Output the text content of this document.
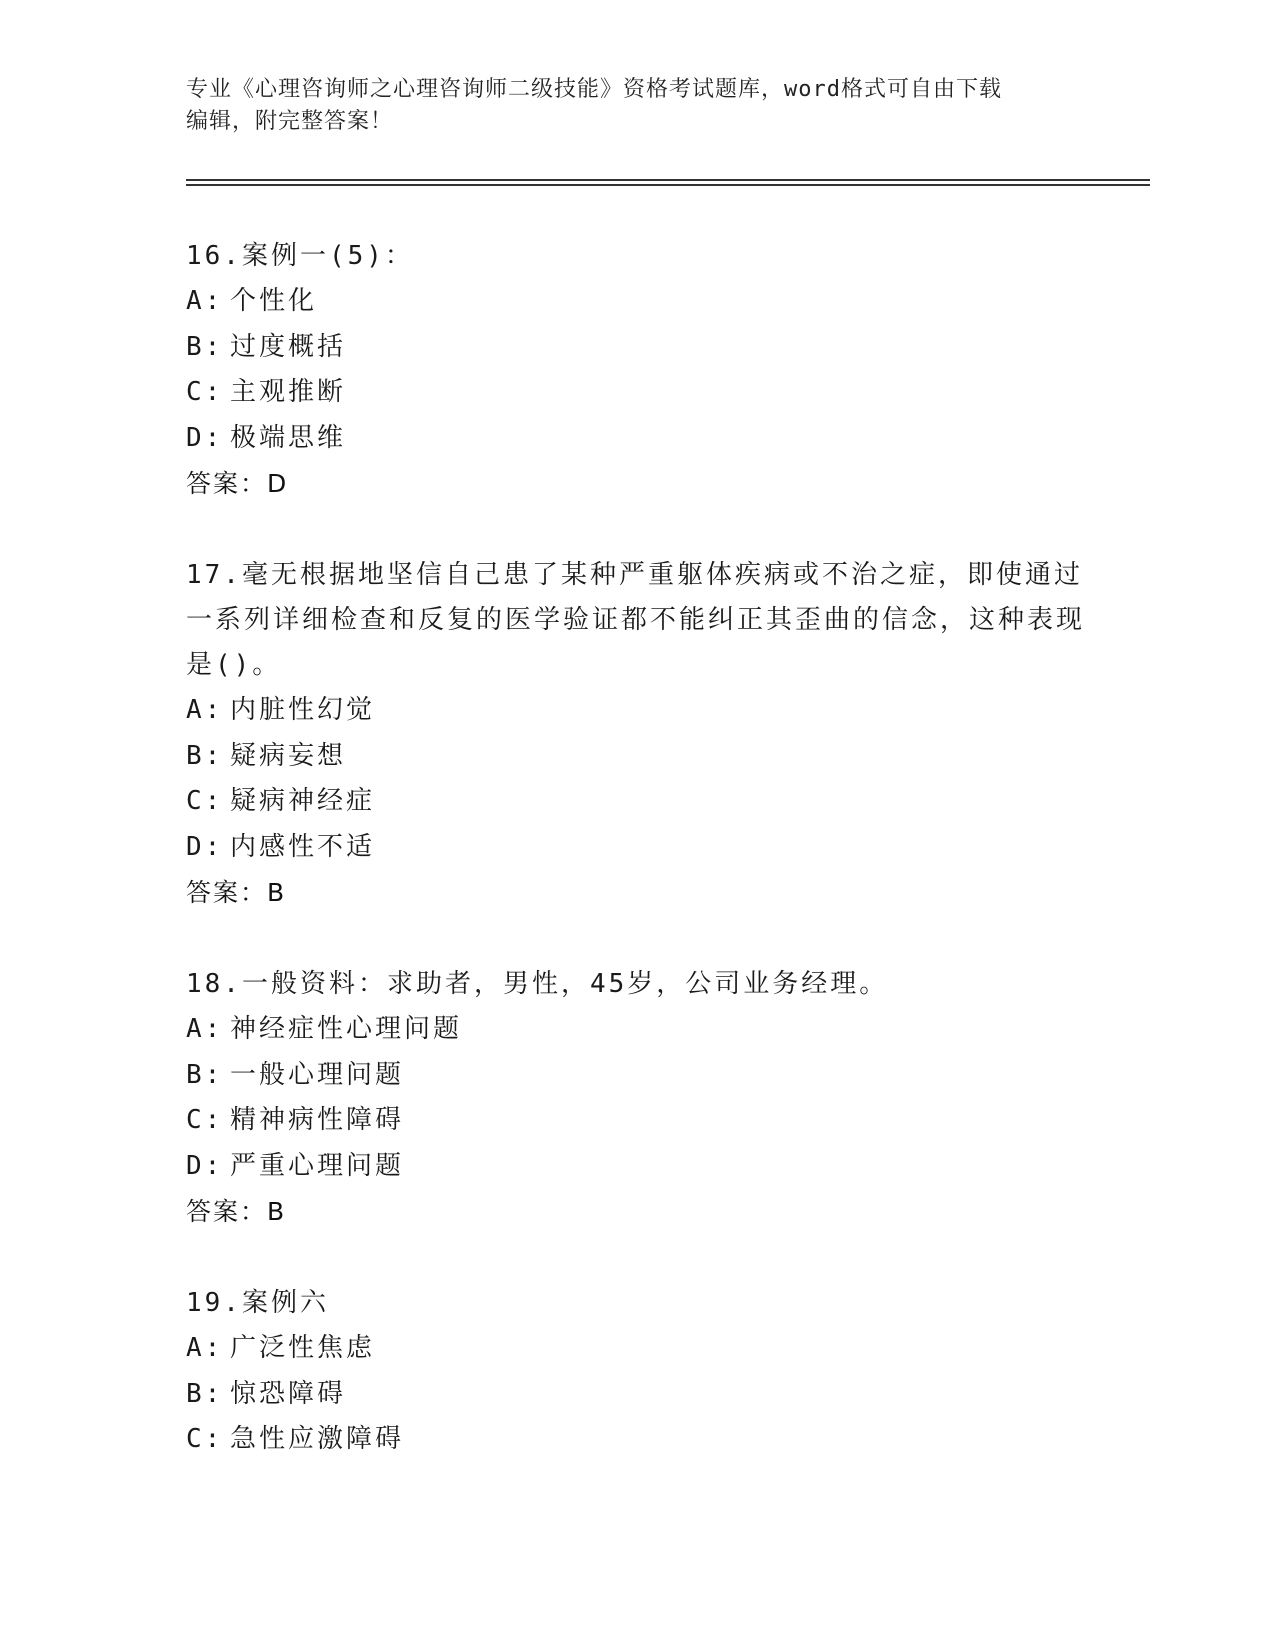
专业《心理咨询师之心理咨询师二级技能》资格考试题库，word格式可自由下载

编辑，附完整答案！

16.案例一(5)：

A: 个性化

B: 过度概括

C: 主观推断

D: 极端思维

答案：D

17.毫无根据地坚信自己患了某种严重躯体疾病或不治之症，即使通过一系列详细检查和反复的医学验证都不能纠正其歪曲的信念，这种表现是()。

A: 内脏性幻觉

B: 疑病妄想

C: 疑病神经症

D: 内感性不适

答案：B

18.一般资料：求助者，男性，45岁，公司业务经理。

A: 神经症性心理问题

B: 一般心理问题

C: 精神病性障碍

D: 严重心理问题

答案：B

19.案例六

A: 广泛性焦虑

B: 惊恐障碍

C: 急性应激障碍
